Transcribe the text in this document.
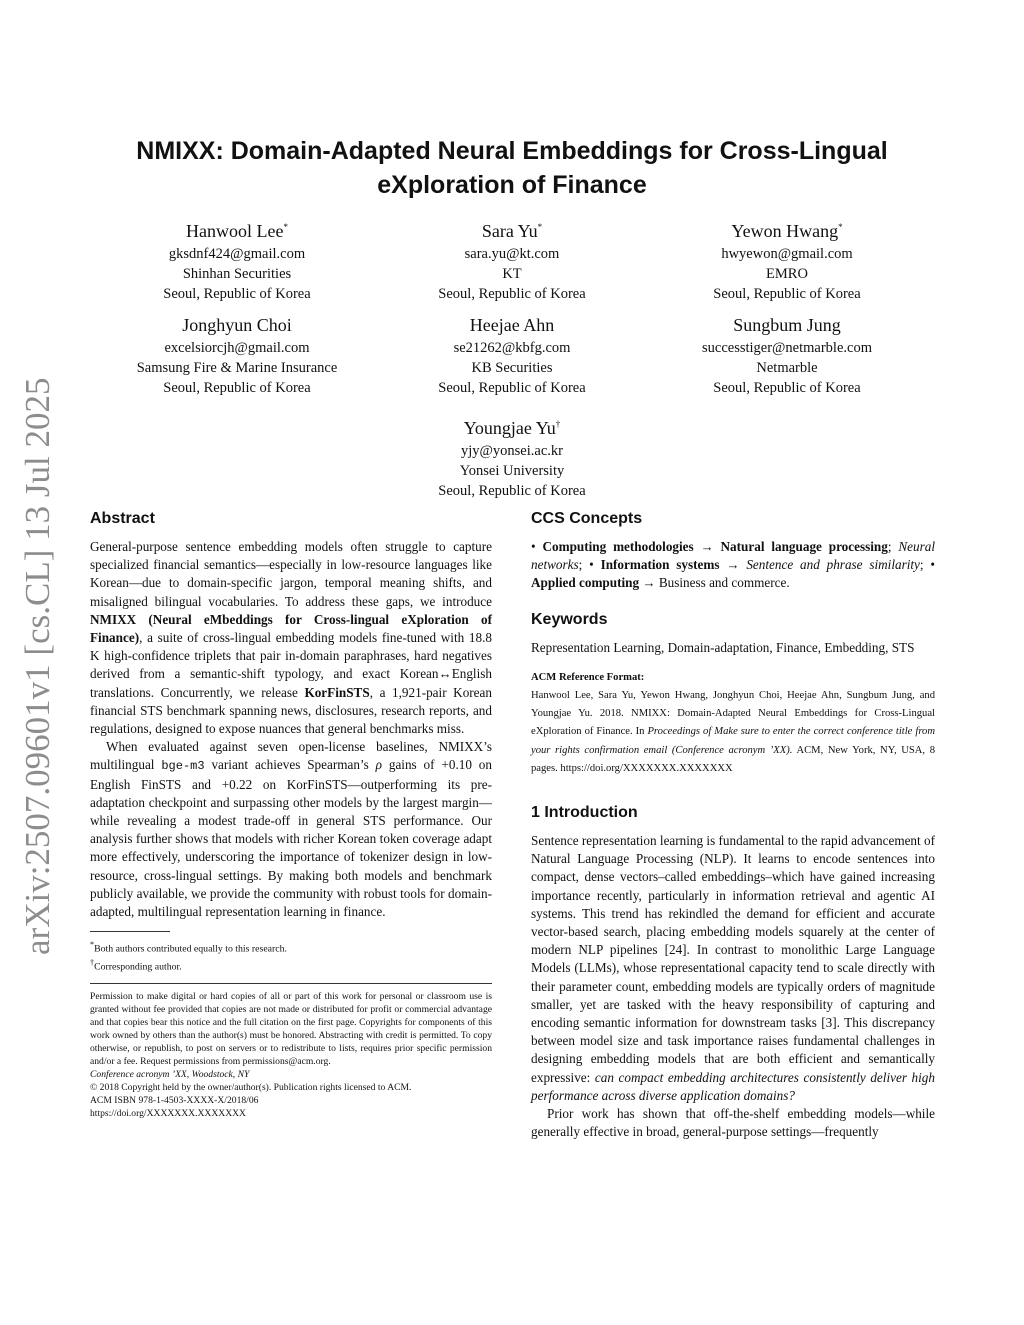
arXiv:2507.09601v1 [cs.CL] 13 Jul 2025
NMIXX: Domain-Adapted Neural Embeddings for Cross-Lingual
eXploration of Finance
Hanwool Lee*
gksdnf424@gmail.com
Shinhan Securities
Seoul, Republic of Korea
Sara Yu*
sara.yu@kt.com
KT
Seoul, Republic of Korea
Yewon Hwang*
hwyewon@gmail.com
EMRO
Seoul, Republic of Korea
Jonghyun Choi
excelsiorcjh@gmail.com
Samsung Fire & Marine Insurance
Seoul, Republic of Korea
Heejae Ahn
se21262@kbfg.com
KB Securities
Seoul, Republic of Korea
Sungbum Jung
successtiger@netmarble.com
Netmarble
Seoul, Republic of Korea
Youngjae Yu†
yjy@yonsei.ac.kr
Yonsei University
Seoul, Republic of Korea
Abstract

General-purpose sentence embedding models often struggle to capture specialized financial semantics—especially in low-resource languages like Korean—due to domain-specific jargon, temporal meaning shifts, and misaligned bilingual vocabularies. To address these gaps, we introduce NMIXX (Neural eMbeddings for Cross-lingual eXploration of Finance), a suite of cross-lingual embedding models fine-tuned with 18.8 K high-confidence triplets that pair in-domain paraphrases, hard negatives derived from a semantic-shift typology, and exact Korean↔English translations. Concurrently, we release KorFinSTS, a 1,921-pair Korean financial STS benchmark spanning news, disclosures, research reports, and regulations, designed to expose nuances that general benchmarks miss.

When evaluated against seven open-license baselines, NMIXX’s multilingual bge-m3 variant achieves Spearman’s ρ gains of +0.10 on English FinSTS and +0.22 on KorFinSTS—outperforming its pre-adaptation checkpoint and surpassing other models by the largest margin—while revealing a modest trade-off in general STS performance. Our analysis further shows that models with richer Korean token coverage adapt more effectively, underscoring the importance of tokenizer design in low-resource, cross-lingual settings. By making both models and benchmark publicly available, we provide the community with robust tools for domain-adapted, multilingual representation learning in finance.

*Both authors contributed equally to this research.
†Corresponding author.
Permission to make digital or hard copies of all or part of this work for personal or classroom use is granted without fee provided that copies are not made or distributed for profit or commercial advantage and that copies bear this notice and the full citation on the first page. Copyrights for components of this work owned by others than the author(s) must be honored. Abstracting with credit is permitted. To copy otherwise, or republish, to post on servers or to redistribute to lists, requires prior specific permission and/or a fee. Request permissions from permissions@acm.org.
Conference acronym ’XX, Woodstock, NY
© 2018 Copyright held by the owner/author(s). Publication rights licensed to ACM.
ACM ISBN 978-1-4503-XXXX-X/2018/06
https://doi.org/XXXXXXX.XXXXXXX
CCS Concepts

• Computing methodologies → Natural language processing; Neural networks; • Information systems → Sentence and phrase similarity; • Applied computing → Business and commerce.

Keywords

Representation Learning, Domain-adaptation, Finance, Embedding, STS

ACM Reference Format:
Hanwool Lee, Sara Yu, Yewon Hwang, Jonghyun Choi, Heejae Ahn, Sungbum Jung, and Youngjae Yu. 2018. NMIXX: Domain-Adapted Neural Embeddings for Cross-Lingual eXploration of Finance. In Proceedings of Make sure to enter the correct conference title from your rights confirmation email (Conference acronym ’XX). ACM, New York, NY, USA, 8 pages. https://doi.org/XXXXXXX.XXXXXXX
1 Introduction

Sentence representation learning is fundamental to the rapid advancement of Natural Language Processing (NLP). It learns to encode sentences into compact, dense vectors–called embeddings–which have gained increasing importance recently, particularly in information retrieval and agentic AI systems. This trend has rekindled the demand for efficient and accurate vector-based search, placing embedding models squarely at the center of modern NLP pipelines [24]. In contrast to monolithic Large Language Models (LLMs), whose representational capacity tend to scale directly with their parameter count, embedding models are typically orders of magnitude smaller, yet are tasked with the heavy responsibility of capturing and encoding semantic information for downstream tasks [3]. This discrepancy between model size and task importance raises fundamental challenges in designing embedding models that are both efficient and semantically expressive: can compact embedding architectures consistently deliver high performance across diverse application domains?

Prior work has shown that off-the-shelf embedding models—while generally effective in broad, general-purpose settings—frequently
